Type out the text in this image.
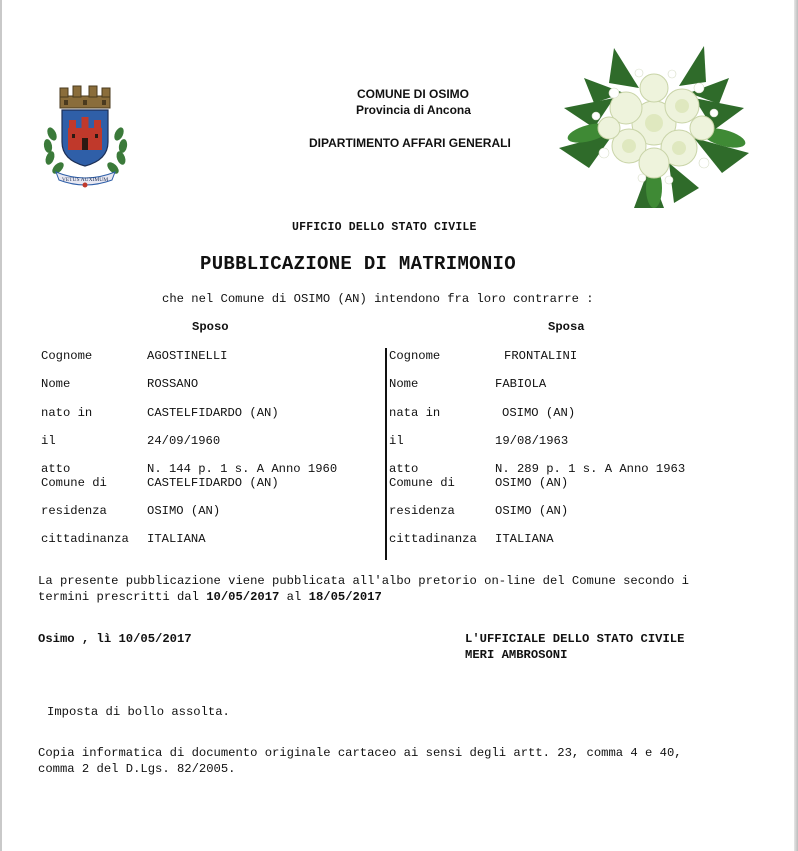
VETUS AUXIMUM
COMUNE DI OSIMO
Provincia di Ancona
DIPARTIMENTO AFFARI GENERALI
UFFICIO DELLO STATO CIVILE
PUBBLICAZIONE DI MATRIMONIO
che nel Comune di OSIMO (AN) intendono fra loro contrarre :
Sposo	Sposa
Cognome	AGOSTINELLI
Nome	ROSSANO
nato in	CASTELFIDARDO (AN)
il	24/09/1960
atto	N. 144 p. 1 s. A Anno 1960
Comune di	CASTELFIDARDO (AN)
residenza	OSIMO (AN)
cittadinanza ITALIANA
Cognome	FRONTALINI
Nome	FABIOLA
nata in	OSIMO (AN)
il	19/08/1963
atto	N. 289 p. 1 s. A Anno 1963
Comune di	OSIMO (AN)
residenza	OSIMO (AN)
cittadinanza ITALIANA
La presente pubblicazione viene pubblicata all'albo pretorio on-line del Comune secondo i
termini prescritti dal 10/05/2017 al 18/05/2017
Osimo , lì 10/05/2017	L'UFFICIALE DELLO STATO CIVILE
MERI AMBROSONI
Imposta di bollo assolta.
Copia informatica di documento originale cartaceo ai sensi degli artt. 23, comma 4 e 40,
comma 2 del D.Lgs. 82/2005.
